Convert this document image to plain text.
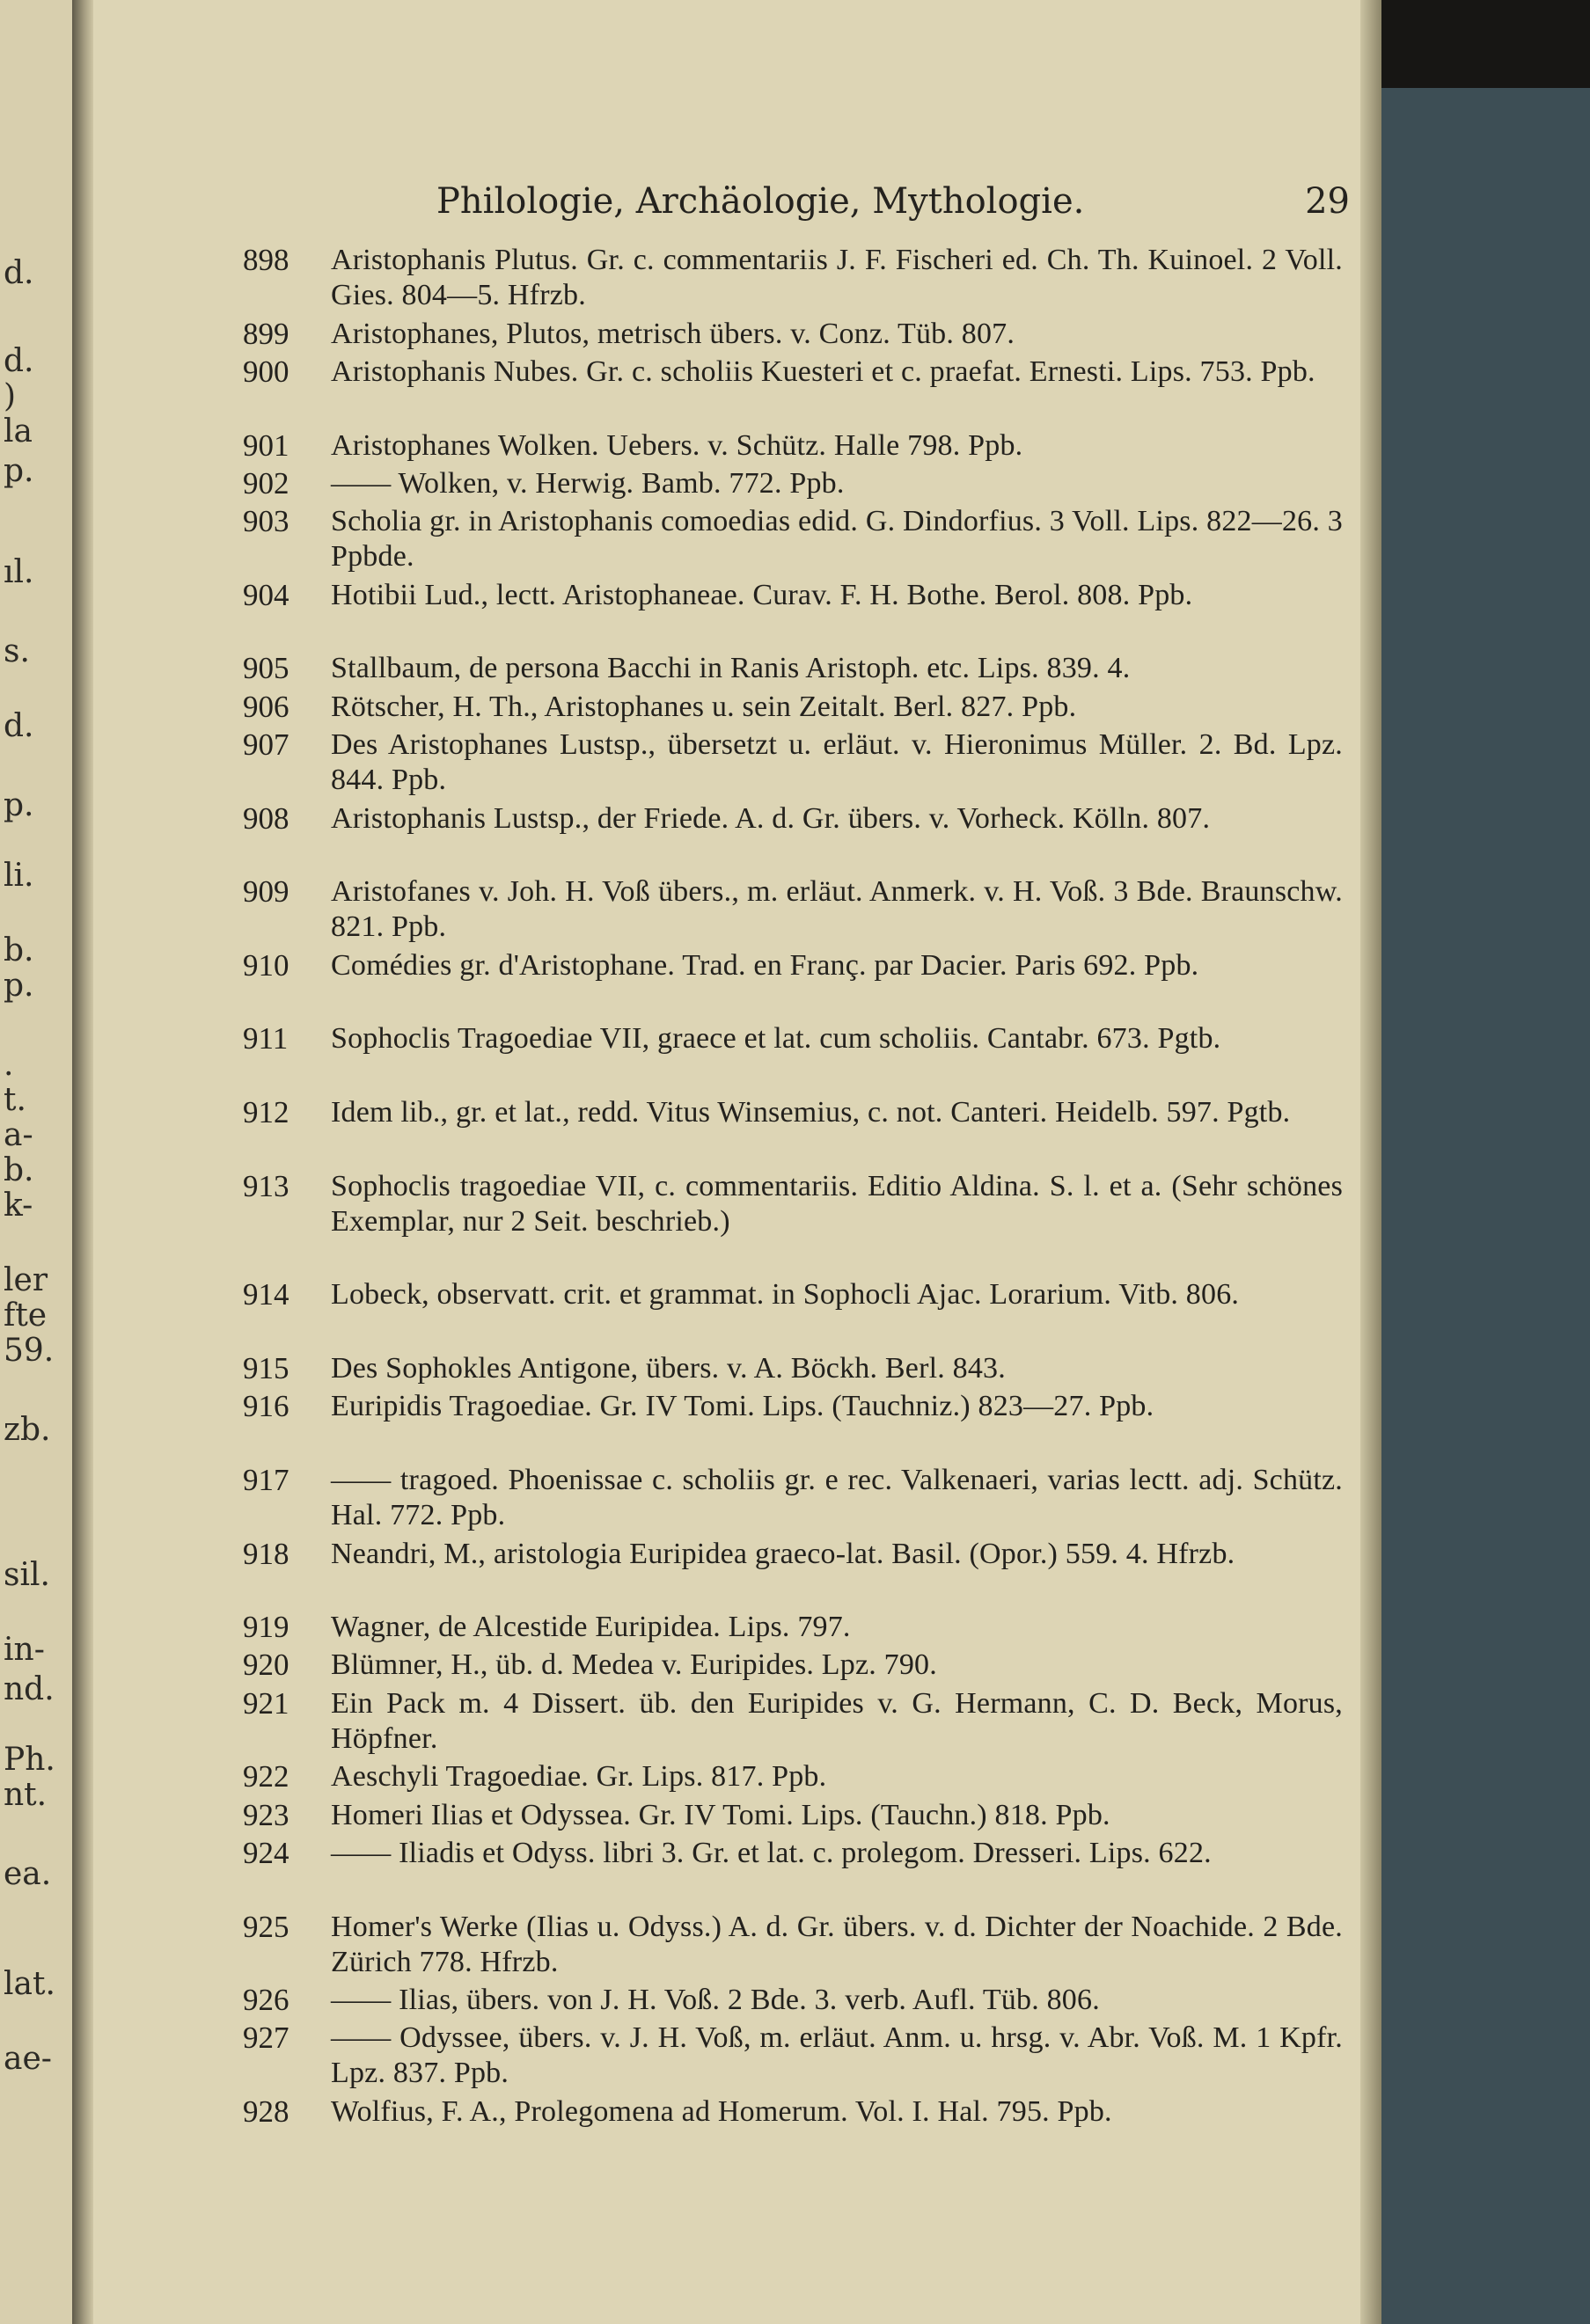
d.
d.
)
la
p.
ıl.
s.
d.
p.
li.
b.
p.
.
t.
a-
b.
k-
ler
fte
59.
zb.
sil.
in-
nd.
Ph.
nt.
ea.
lat.
ae-
Philologie, Archäologie, Mythologie.	29
898	Aristophanis Plutus. Gr. c. commentariis J. F. Fischeri ed. Ch. Th. Kuinoel. 2 Voll. Gies. 804—5. Hfrzb.
899	Aristophanes, Plutos, metrisch übers. v. Conz. Tüb. 807.
900	Aristophanis Nubes. Gr. c. scholiis Kuesteri et c. praefat. Ernesti. Lips. 753. Ppb.
901	Aristophanes Wolken. Uebers. v. Schütz. Halle 798. Ppb.
902	—— Wolken, v. Herwig. Bamb. 772. Ppb.
903	Scholia gr. in Aristophanis comoedias edid. G. Dindorfius. 3 Voll. Lips. 822—26. 3 Ppbde.
904	Hotibii Lud., lectt. Aristophaneae. Curav. F. H. Bothe. Berol. 808. Ppb.
905	Stallbaum, de persona Bacchi in Ranis Aristoph. etc. Lips. 839. 4.
906	Rötscher, H. Th., Aristophanes u. sein Zeitalt. Berl. 827. Ppb.
907	Des Aristophanes Lustsp., übersetzt u. erläut. v. Hieronimus Müller. 2. Bd. Lpz. 844. Ppb.
908	Aristophanis Lustsp., der Friede. A. d. Gr. übers. v. Vorheck. Kölln. 807.
909	Aristofanes v. Joh. H. Voß übers., m. erläut. Anmerk. v. H. Voß. 3 Bde. Braunschw. 821. Ppb.
910	Comédies gr. d'Aristophane. Trad. en Franç. par Dacier. Paris 692. Ppb.
911	Sophoclis Tragoediae VII, graece et lat. cum scholiis. Cantabr. 673. Pgtb.
912	Idem lib., gr. et lat., redd. Vitus Winsemius, c. not. Canteri. Heidelb. 597. Pgtb.
913	Sophoclis tragoediae VII, c. commentariis. Editio Aldina. S. l. et a. (Sehr schönes Exemplar, nur 2 Seit. beschrieb.)
914	Lobeck, observatt. crit. et grammat. in Sophocli Ajac. Lorarium. Vitb. 806.
915	Des Sophokles Antigone, übers. v. A. Böckh. Berl. 843.
916	Euripidis Tragoediae. Gr. IV Tomi. Lips. (Tauchniz.) 823—27. Ppb.
917	—— tragoed. Phoenissae c. scholiis gr. e rec. Valkenaeri, varias lectt. adj. Schütz. Hal. 772. Ppb.
918	Neandri, M., aristologia Euripidea graeco-lat. Basil. (Opor.) 559. 4. Hfrzb.
919	Wagner, de Alcestide Euripidea. Lips. 797.
920	Blümner, H., üb. d. Medea v. Euripides. Lpz. 790.
921	Ein Pack m. 4 Dissert. üb. den Euripides v. G. Hermann, C. D. Beck, Morus, Höpfner.
922	Aeschyli Tragoediae. Gr. Lips. 817. Ppb.
923	Homeri Ilias et Odyssea. Gr. IV Tomi. Lips. (Tauchn.) 818. Ppb.
924	—— Iliadis et Odyss. libri 3. Gr. et lat. c. prolegom. Dresseri. Lips. 622.
925	Homer's Werke (Ilias u. Odyss.) A. d. Gr. übers. v. d. Dichter der Noachide. 2 Bde. Zürich 778. Hfrzb.
926	—— Ilias, übers. von J. H. Voß. 2 Bde. 3. verb. Aufl. Tüb. 806.
927	—— Odyssee, übers. v. J. H. Voß, m. erläut. Anm. u. hrsg. v. Abr. Voß. M. 1 Kpfr. Lpz. 837. Ppb.
928	Wolfius, F. A., Prolegomena ad Homerum. Vol. I. Hal. 795. Ppb.
